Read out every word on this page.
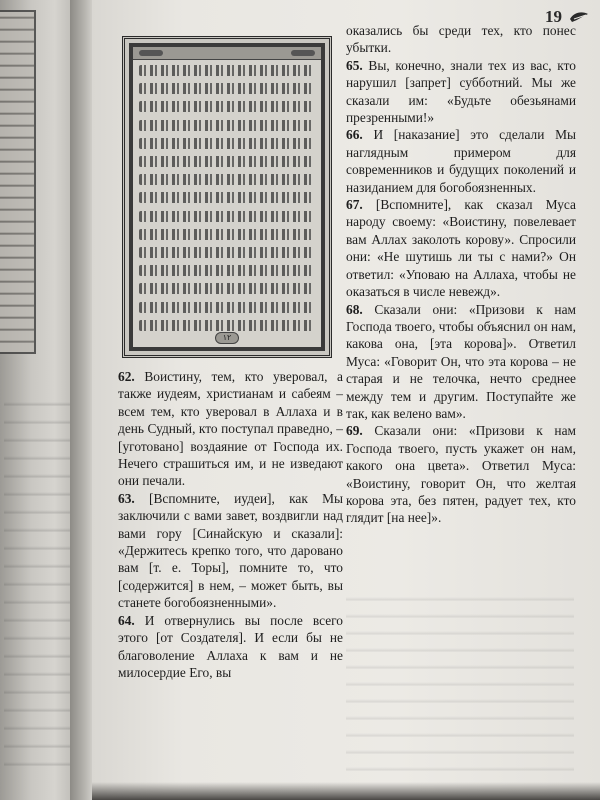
19
١٢

62. Воистину, тем, кто уверовал, а также иудеям, христианам и сабеям – всем тем, кто уверовал в Аллаха и в день Судный, кто поступал праведно, – [уготовано] воздаяние от Господа их. Нечего страшиться им, и не изведают они печали.

63. [Вспомните, иудеи], как Мы заключили с вами завет, воздвигли над вами гору [Синайскую и сказали]: «Держитесь крепко того, что даровано вам [т. е. Торы], помните то, что [содержится] в нем, – может быть, вы станете богобоязненными».

64. И отвернулись вы после всего этого [от Создателя]. И если бы не благоволение Аллаха к вам и не милосердие Его, вы

оказались бы среди тех, кто понес убытки.

65. Вы, конечно, знали тех из вас, кто нарушил [запрет] субботний. Мы же сказали им: «Будьте обезьянами презренными!»

66. И [наказание] это сделали Мы наглядным примером для современников и будущих поколений и назиданием для богобоязненных.

67. [Вспомните], как сказал Муса народу своему: «Воистину, повелевает вам Аллах заколоть корову». Спросили они: «Не шутишь ли ты с нами?» Он ответил: «Уповаю на Аллаха, чтобы не оказаться в числе невежд».

68. Сказали они: «Призови к нам Господа твоего, чтобы объяснил он нам, какова она, [эта корова]». Ответил Муса: «Говорит Он, что эта корова – не старая и не телочка, нечто среднее между тем и другим. Поступайте же так, как велено вам».

69. Сказали они: «Призови к нам Господа твоего, пусть укажет он нам, какого она цвета». Ответил Муса: «Воистину, говорит Он, что желтая корова эта, без пятен, радует тех, кто глядит [на нее]».
